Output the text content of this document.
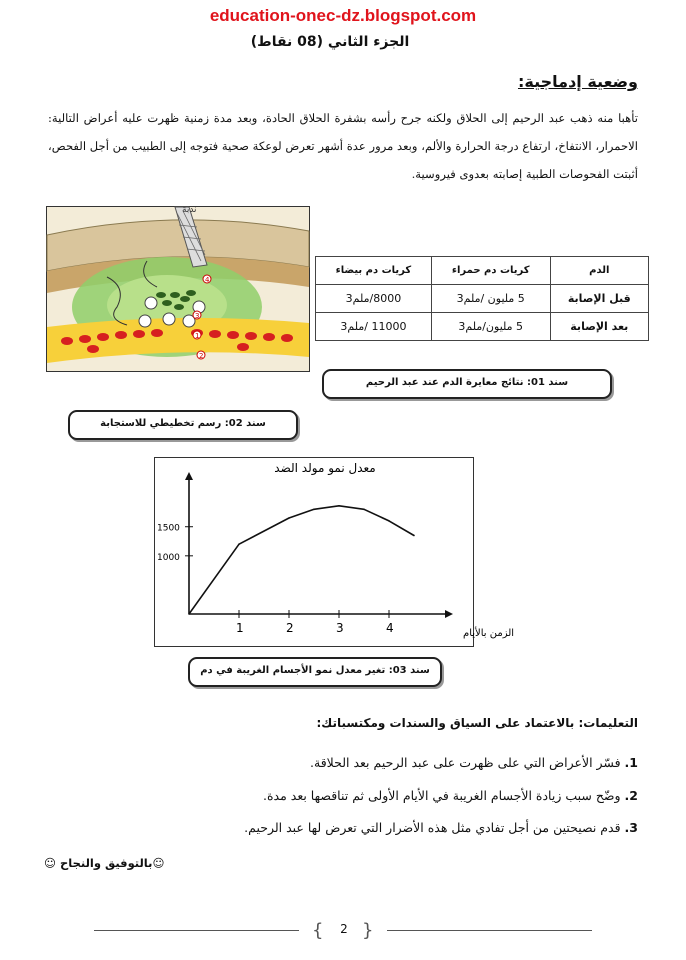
education-onec-dz.blogspot.com
الجزء الثاني (08 نقاط)
وضعية إدماجية:
تأهبا منه ذهب عبد الرحيم إلى الحلاق ولكنه جرح رأسه بشفرة الحلاق الحادة، وبعد مدة زمنية ظهرت عليه أعراض التالية: الاحمرار، الانتفاخ، ارتفاع درجة الحرارة والألم، وبعد مرور عدة أشهر تعرض لوعكة صحية فتوجه إلى الطبيب من أجل الفحص، أثبتت الفحوصات الطبية إصابته بعدوى فيروسية.
4
3
1
2
ندبة
الدم	كريات دم حمراء	كريات دم بيضاء
قبل الإصابة	5 مليون /ملم3	8000/ملم3
بعد الإصابة	5 مليون/ملم3	11000 /ملم3
سند 01: نتائج معايرة الدم عند عبد الرحيم
سند 02: رسم تخطيطي للاستجابة
1	2	3	4
1000
1500
معدل نمو مولد الضد
الزمن بالأيام
سند 03: تغير معدل نمو الأجسام الغريبة في دم
التعليمات: بالاعتماد على السياق والسندات ومكتسباتك:
1. فسّر الأعراض التي على ظهرت على عبد الرحيم بعد الحلاقة.
2. وضّح سبب زيادة الأجسام الغريبة في الأيام الأولى ثم تناقصها بعد مدة.
3. قدم نصيحتين من أجل تفادي مثل هذه الأضرار التي تعرض لها عبد الرحيم.
☺بالتوفيق والنجاح ☺
{	2 }
